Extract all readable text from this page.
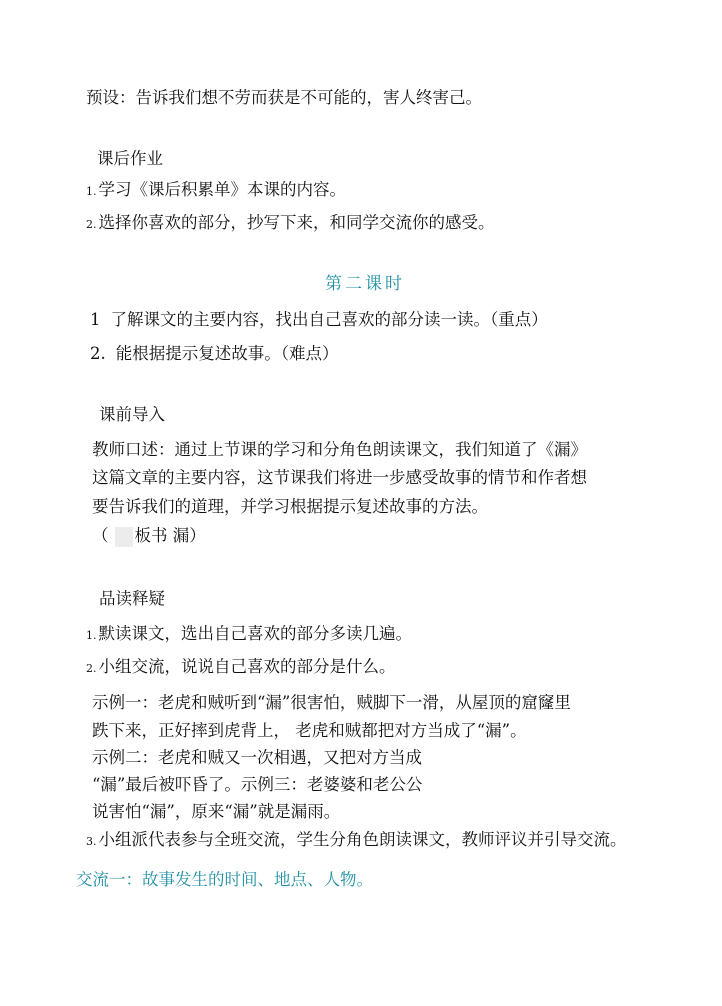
预设：告诉我们想不劳而获是不可能的，害人终害己。
课后作业
1. 学习《课后积累单》本课的内容。
2. 选择你喜欢的部分，抄写下来，和同学交流你的感受。
第二课时
1 了解课文的主要内容，找出自己喜欢的部分读一读。（重点）
2. 能根据提示复述故事。（难点）
课前导入
教师口述：通过上节课的学习和分角色朗读课文，我们知道了《漏》
这篇文章的主要内容，这节课我们将进一步感受故事的情节和作者想
要告诉我们的道理，并学习根据提示复述故事的方法。
（ 板书 漏）
品读释疑
1. 默读课文，选出自己喜欢的部分多读几遍。
2. 小组交流，说说自己喜欢的部分是什么。
示例一：老虎和贼听到“漏”很害怕，贼脚下一滑，从屋顶的窟窿里
跌下来，正好摔到虎背上， 老虎和贼都把对方当成了“漏”。
示例二：老虎和贼又一次相遇，又把对方当成
“漏”最后被吓昏了。示例三：老婆婆和老公公
说害怕“漏”，原来“漏”就是漏雨。
3. 小组派代表参与全班交流，学生分角色朗读课文，教师评议并引导交流。
交流一：故事发生的时间、地点、人物。
